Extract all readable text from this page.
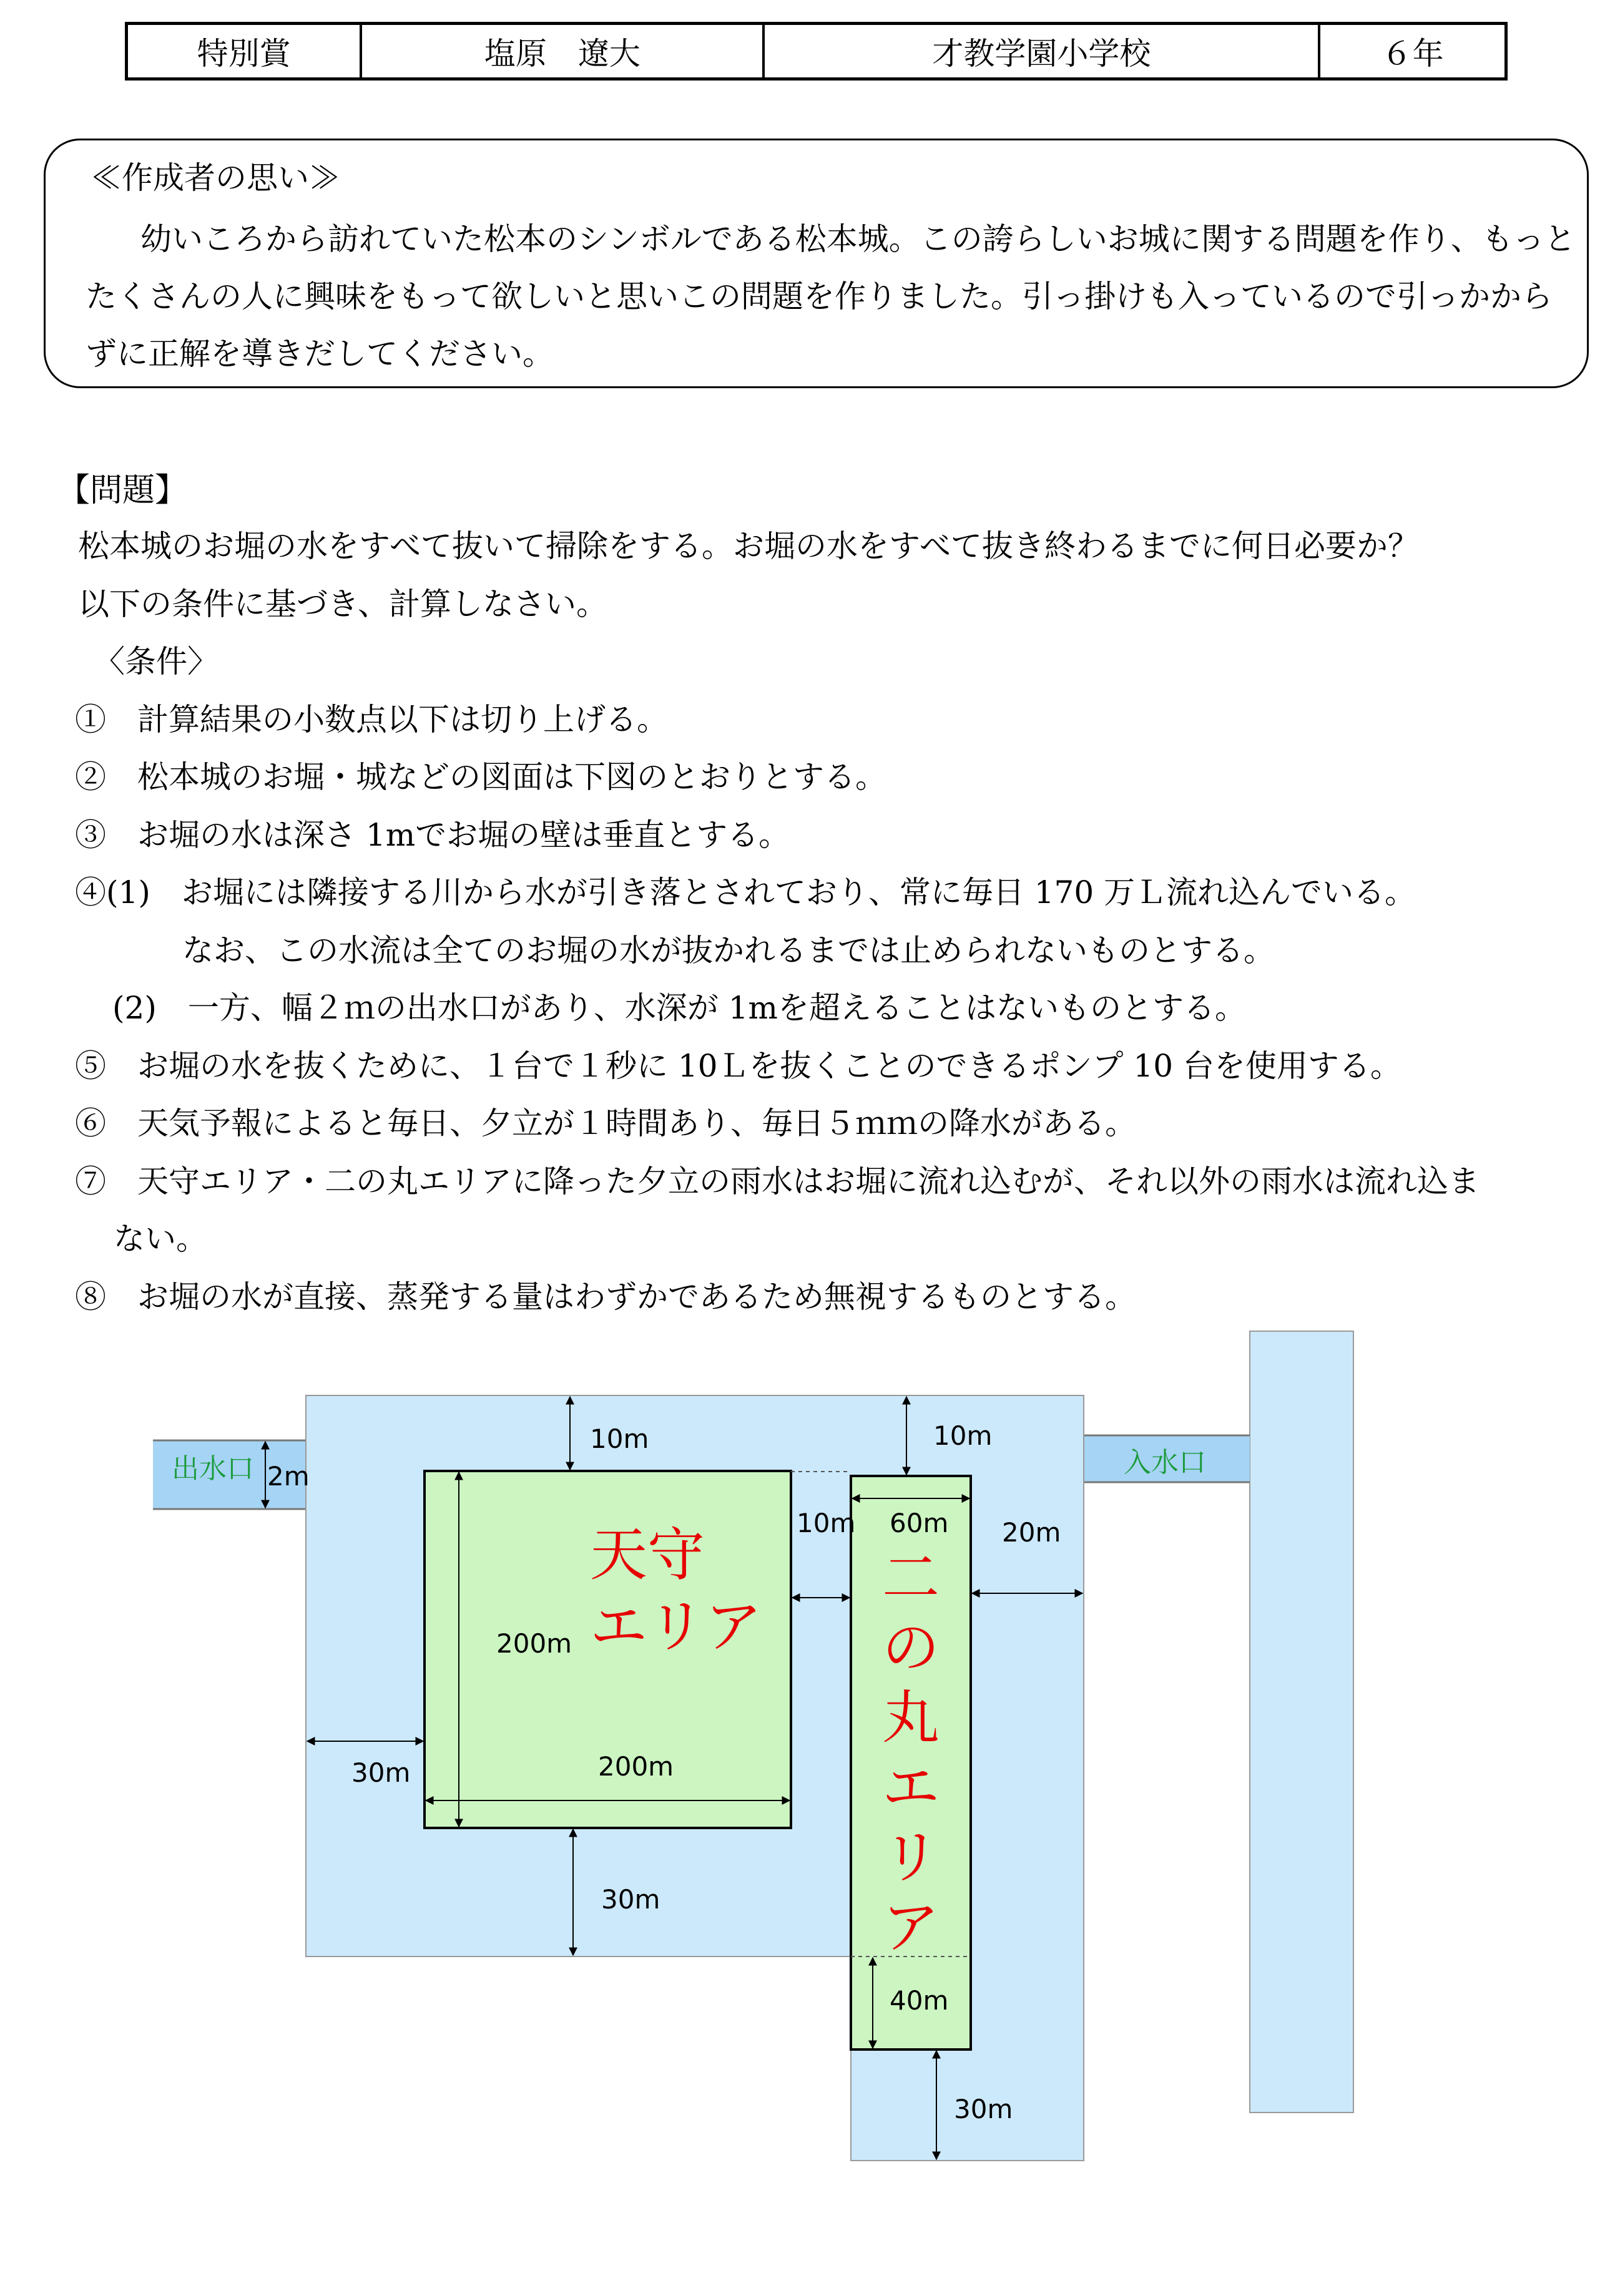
特別賞	塩原　遼大	才教学園小学校	６年
≪作成者の思い≫
幼いころから訪れていた松本のシンボルである松本城。この誇らしいお城に関する問題を作り、もっとたくさんの人に興味をもって欲しいと思いこの問題を作りました。引っ掛けも入っているので引っかからずに正解を導きだしてください。
【問題】
松本城のお堀の水をすべて抜いて掃除をする。お堀の水をすべて抜き終わるまでに何日必要か？
以下の条件に基づき、計算しなさい。
〈条件〉
①　計算結果の小数点以下は切り上げる。
②　松本城のお堀・城などの図面は下図のとおりとする。
③　お堀の水は深さ 1mでお堀の壁は垂直とする。
④(1)　お堀には隣接する川から水が引き落とされており、常に毎日 170 万Ｌ流れ込んでいる。
なお、この水流は全てのお堀の水が抜かれるまでは止められないものとする。
(2)　一方、幅２ｍの出水口があり、水深が 1mを超えることはないものとする。
⑤　お堀の水を抜くために、１台で１秒に 10Ｌを抜くことのできるポンプ 10 台を使用する。
⑥　天気予報によると毎日、夕立が１時間あり、毎日５ｍｍの降水がある。
⑦　天守エリア・二の丸エリアに降った夕立の雨水はお堀に流れ込むが、それ以外の雨水は流れ込ま
ない。
⑧　お堀の水が直接、蒸発する量はわずかであるため無視するものとする。
2m
10m	10m
10m 60m 20m
200m
200m
30m
30m
40m
30m
出水口	入水口
天守
エリア
二
の
丸
エ
リ
ア
